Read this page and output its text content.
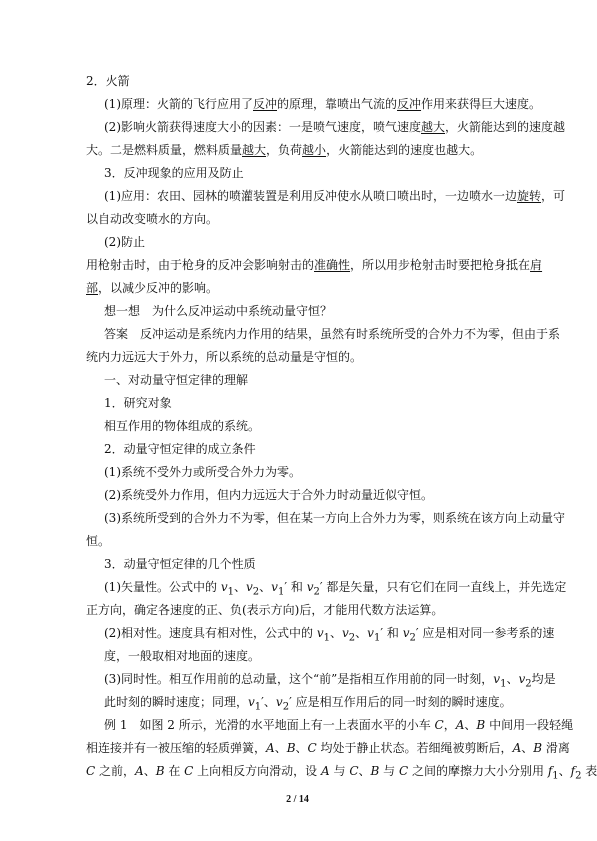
2．火箭
(1)原理：火箭的飞行应用了反冲的原理，靠喷出气流的反冲作用来获得巨大速度。
(2)影响火箭获得速度大小的因素：一是喷气速度，喷气速度越大，火箭能达到的速度越
大。二是燃料质量，燃料质量越大，负荷越小，火箭能达到的速度也越大。
3．反冲现象的应用及防止
(1)应用：农田、园林的喷灌装置是利用反冲使水从喷口喷出时，一边喷水一边旋转，可
以自动改变喷水的方向。
(2)防止
用枪射击时，由于枪身的反冲会影响射击的准确性，所以用步枪射击时要把枪身抵在肩
部，以减少反冲的影响。
想一想　为什么反冲运动中系统动量守恒？
答案　反冲运动是系统内力作用的结果，虽然有时系统所受的合外力不为零，但由于系
统内力远远大于外力，所以系统的总动量是守恒的。
一、对动量守恒定律的理解
1．研究对象
相互作用的物体组成的系统。
2．动量守恒定律的成立条件
(1)系统不受外力或所受合外力为零。
(2)系统受外力作用，但内力远远大于合外力时动量近似守恒。
(3)系统所受到的合外力不为零，但在某一方向上合外力为零，则系统在该方向上动量守
恒。
3．动量守恒定律的几个性质
(1)矢量性。公式中的 $v_1$、$v_2$、$v_1'$ 和 $v_2'$ 都是矢量，只有它们在同一直线上，并先选定
正方向，确定各速度的正、负(表示方向)后，才能用代数方法运算。
(2)相对性。速度具有相对性，公式中的 $v_1$、$v_2$、$v_1'$ 和 $v_2'$ 应是相对同一参考系的速
度，一般取相对地面的速度。
(3)同时性。相互作用前的总动量，这个“前”是指相互作用前的同一时刻，$v_1$、$v_2$均是
此时刻的瞬时速度；同理，$v_1'$、$v_2'$ 应是相互作用后的同一时刻的瞬时速度。
例 1　如图 2 所示，光滑的水平地面上有一上表面水平的小车 C，A、B 中间用一段轻绳
相连接并有一被压缩的轻质弹簧，A、B、C 均处于静止状态。若细绳被剪断后，A、B 滑离
C 之前，A、B 在 C 上向相反方向滑动，设 A 与 C、B 与 C 之间的摩擦力大小分别用 $f_1$、$f_2$ 表
2 / 14
